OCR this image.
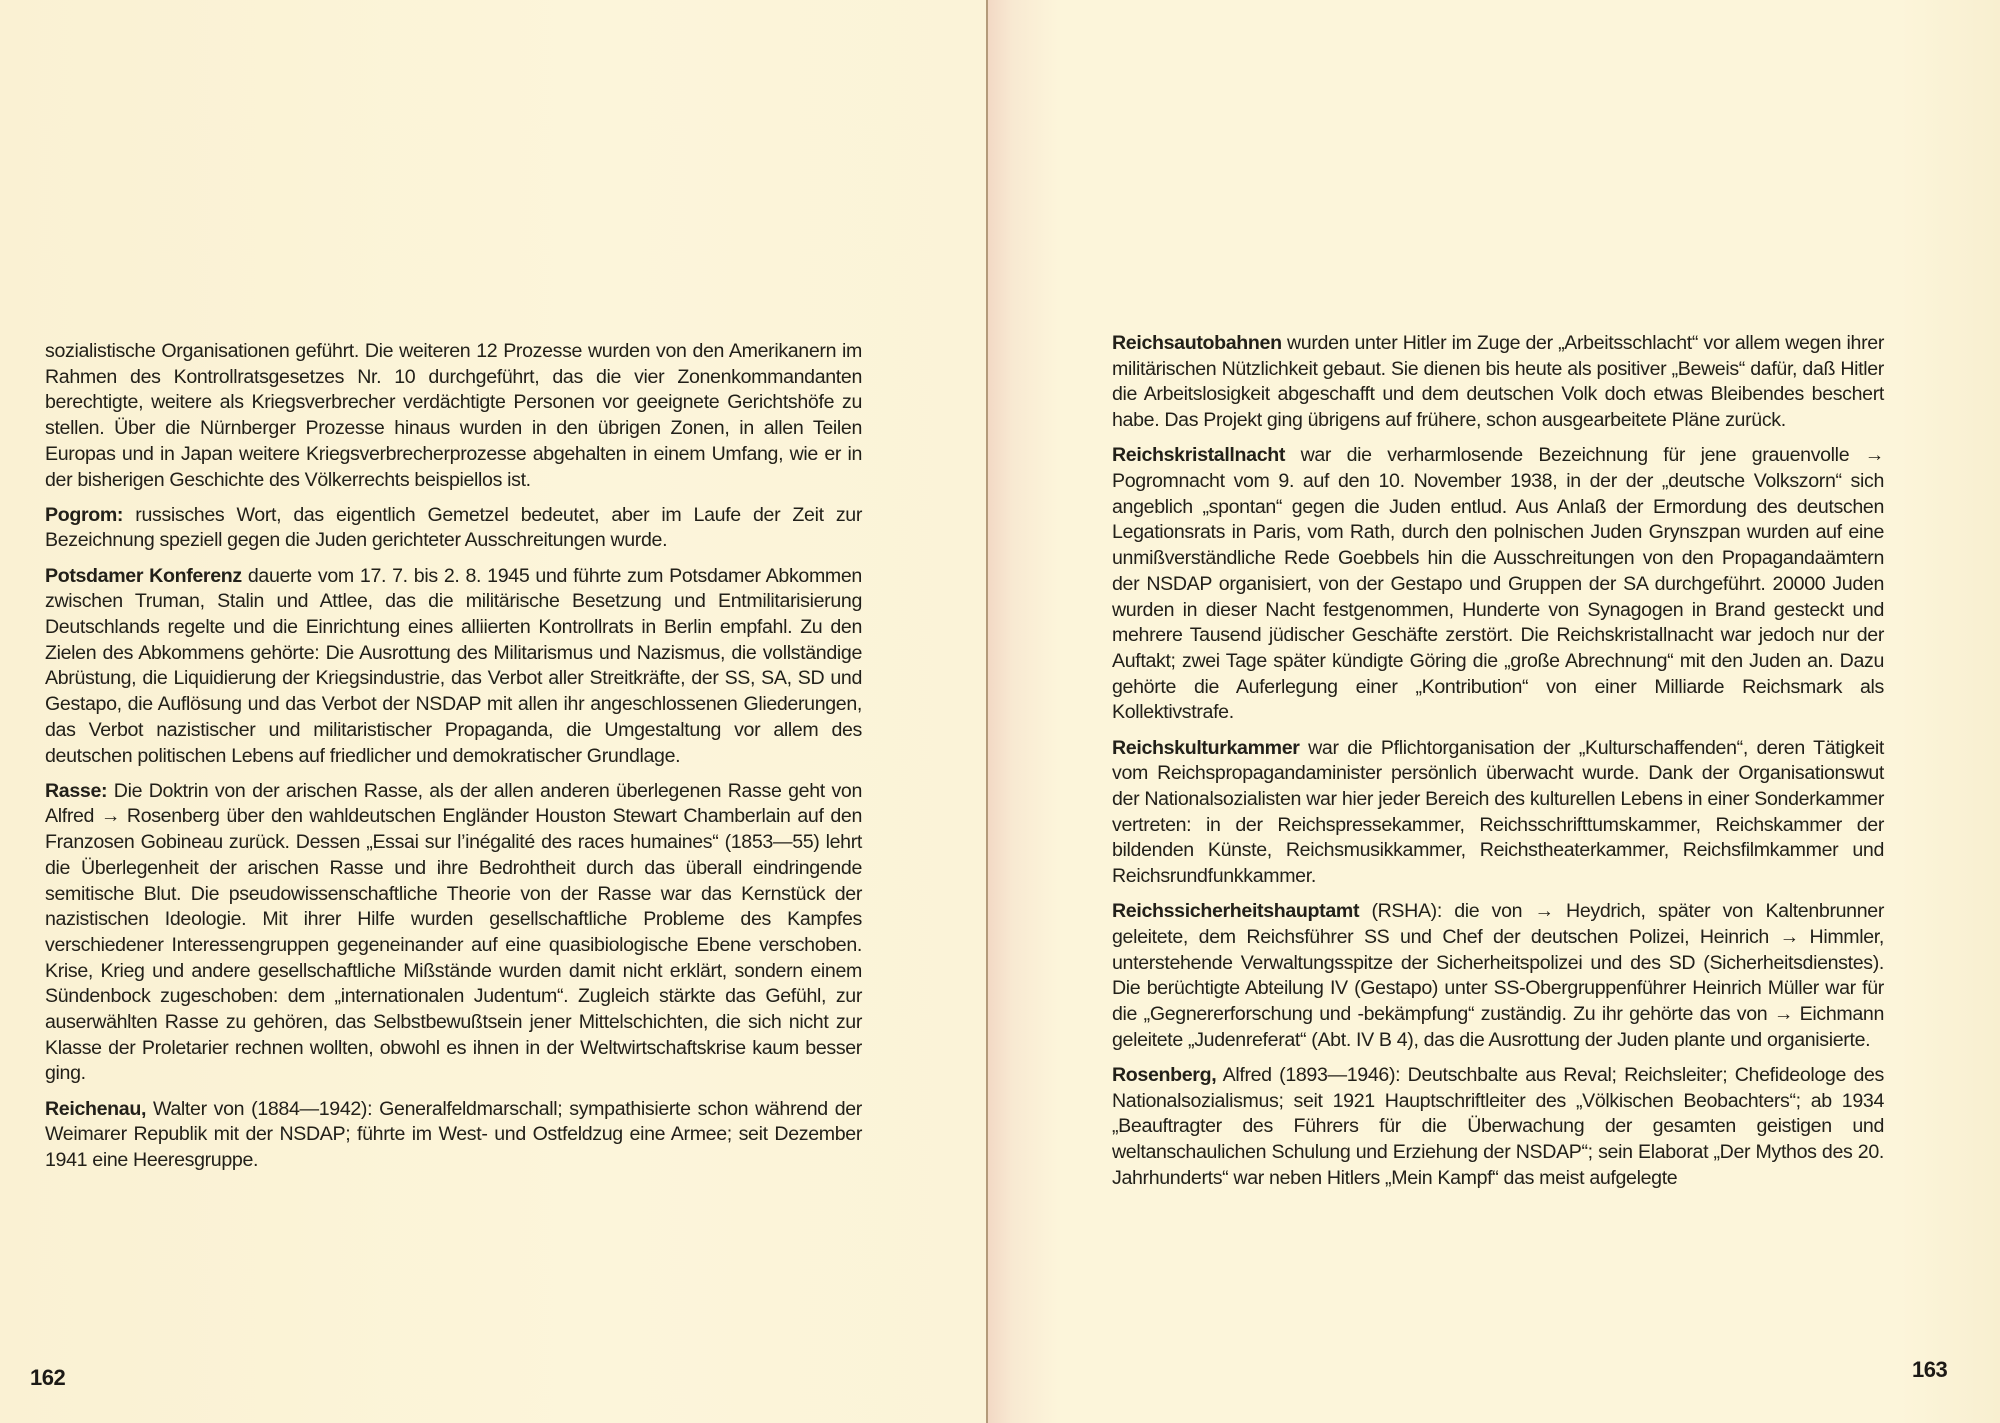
sozialistische Organisationen geführt. Die weiteren 12 Prozesse wurden von den Amerikanern im Rahmen des Kontrollratsgesetzes Nr. 10 durchgeführt, das die vier Zonenkommandanten berechtigte, weitere als Kriegsverbrecher verdächtigte Personen vor geeignete Gerichtshöfe zu stellen. Über die Nürnberger Prozesse hinaus wurden in den übrigen Zonen, in allen Teilen Europas und in Japan weitere Kriegsverbrecherprozesse abgehalten in einem Umfang, wie er in der bisherigen Geschichte des Völkerrechts beispiellos ist.

Pogrom: russisches Wort, das eigentlich Gemetzel bedeutet, aber im Laufe der Zeit zur Bezeichnung speziell gegen die Juden gerichteter Ausschreitungen wurde.

Potsdamer Konferenz dauerte vom 17. 7. bis 2. 8. 1945 und führte zum Potsdamer Abkommen zwischen Truman, Stalin und Attlee, das die militärische Besetzung und Entmilitarisierung Deutschlands regelte und die Einrichtung eines alliierten Kontrollrats in Berlin empfahl. Zu den Zielen des Abkommens gehörte: Die Ausrottung des Militarismus und Nazismus, die vollständige Abrüstung, die Liquidierung der Kriegsindustrie, das Verbot aller Streitkräfte, der SS, SA, SD und Gestapo, die Auflösung und das Verbot der NSDAP mit allen ihr angeschlossenen Gliederungen, das Verbot nazistischer und militaristischer Propaganda, die Umgestaltung vor allem des deutschen politischen Lebens auf friedlicher und demokratischer Grundlage.

Rasse: Die Doktrin von der arischen Rasse, als der allen anderen überlegenen Rasse geht von Alfred → Rosenberg über den wahldeutschen Engländer Houston Stewart Chamberlain auf den Franzosen Gobineau zurück. Dessen „Essai sur l’inégalité des races humaines“ (1853—55) lehrt die Überlegenheit der arischen Rasse und ihre Bedrohtheit durch das überall eindringende semitische Blut. Die pseudowissenschaftliche Theorie von der Rasse war das Kernstück der nazistischen Ideologie. Mit ihrer Hilfe wurden gesellschaftliche Probleme des Kampfes verschiedener Interessengruppen gegeneinander auf eine quasibiologische Ebene verschoben. Krise, Krieg und andere gesellschaftliche Mißstände wurden damit nicht erklärt, sondern einem Sündenbock zugeschoben: dem „internationalen Judentum“. Zugleich stärkte das Gefühl, zur auserwählten Rasse zu gehören, das Selbstbewußtsein jener Mittelschichten, die sich nicht zur Klasse der Proletarier rechnen wollten, obwohl es ihnen in der Weltwirtschaftskrise kaum besser ging.

Reichenau, Walter von (1884—1942): Generalfeldmarschall; sympathisierte schon während der Weimarer Republik mit der NSDAP; führte im West- und Ostfeldzug eine Armee; seit Dezember 1941 eine Heeresgruppe.

Reichsautobahnen wurden unter Hitler im Zuge der „Arbeitsschlacht“ vor allem wegen ihrer militärischen Nützlichkeit gebaut. Sie dienen bis heute als positiver „Beweis“ dafür, daß Hitler die Arbeitslosigkeit abgeschafft und dem deutschen Volk doch etwas Bleibendes beschert habe. Das Projekt ging übrigens auf frühere, schon ausgearbeitete Pläne zurück.

Reichskristallnacht war die verharmlosende Bezeichnung für jene grauenvolle → Pogromnacht vom 9. auf den 10. November 1938, in der der „deutsche Volkszorn“ sich angeblich „spontan“ gegen die Juden entlud. Aus Anlaß der Ermordung des deutschen Legationsrats in Paris, vom Rath, durch den polnischen Juden Grynszpan wurden auf eine unmißverständliche Rede Goebbels hin die Ausschreitungen von den Propagandaämtern der NSDAP organisiert, von der Gestapo und Gruppen der SA durchgeführt. 20000 Juden wurden in dieser Nacht festgenommen, Hunderte von Synagogen in Brand gesteckt und mehrere Tausend jüdischer Geschäfte zerstört. Die Reichskristallnacht war jedoch nur der Auftakt; zwei Tage später kündigte Göring die „große Abrechnung“ mit den Juden an. Dazu gehörte die Auferlegung einer „Kontribution“ von einer Milliarde Reichsmark als Kollektivstrafe.

Reichskulturkammer war die Pflichtorganisation der „Kulturschaffenden“, deren Tätigkeit vom Reichspropagandaminister persönlich überwacht wurde. Dank der Organisationswut der Nationalsozialisten war hier jeder Bereich des kulturellen Lebens in einer Sonderkammer vertreten: in der Reichspressekammer, Reichsschrifttumskammer, Reichskammer der bildenden Künste, Reichsmusikkammer, Reichstheaterkammer, Reichsfilmkammer und Reichsrundfunkkammer.

Reichssicherheitshauptamt (RSHA): die von → Heydrich, später von Kaltenbrunner geleitete, dem Reichsführer SS und Chef der deutschen Polizei, Heinrich → Himmler, unterstehende Verwaltungsspitze der Sicherheitspolizei und des SD (Sicherheitsdienstes). Die berüchtigte Abteilung IV (Gestapo) unter SS-Obergruppenführer Heinrich Müller war für die „Gegnererforschung und -bekämpfung“ zuständig. Zu ihr gehörte das von → Eichmann geleitete „Judenreferat“ (Abt. IV B 4), das die Ausrottung der Juden plante und organisierte.

Rosenberg, Alfred (1893—1946): Deutschbalte aus Reval; Reichsleiter; Chefideologe des Nationalsozialismus; seit 1921 Hauptschriftleiter des „Völkischen Beobachters“; ab 1934 „Beauftragter des Führers für die Überwachung der gesamten geistigen und weltanschaulichen Schulung und Erziehung der NSDAP“; sein Elaborat „Der Mythos des 20. Jahrhunderts“ war neben Hitlers „Mein Kampf“ das meist aufgelegte

162	163
